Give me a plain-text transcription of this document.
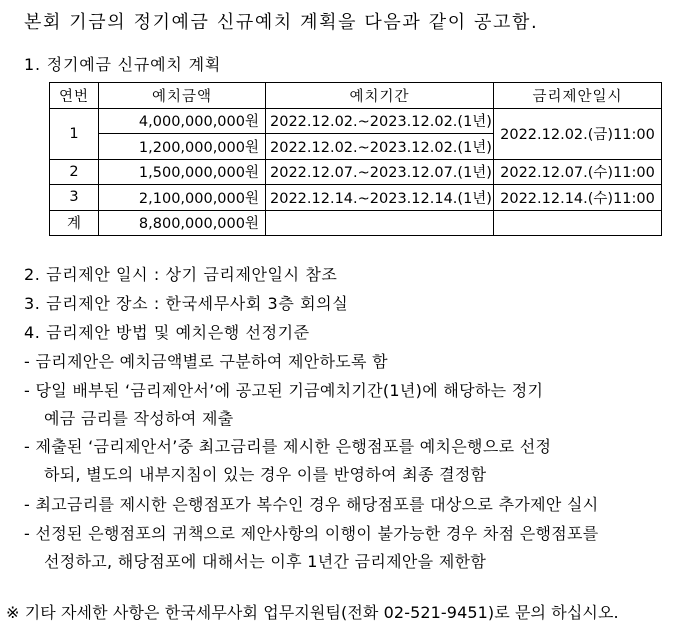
본회 기금의 정기예금 신규예치 계획을 다음과 같이 공고함.
1. 정기예금 신규예치 계획
연번	예치금액	예치기간	금리제안일시
1	4,000,000,000원	2022.12.02.~2023.12.02.(1년)	2022.12.02.(금)11:00
	1,200,000,000원	2022.12.02.~2023.12.02.(1년)	
2	1,500,000,000원	2022.12.07.~2023.12.07.(1년)	2022.12.07.(수)11:00
3	2,100,000,000원	2022.12.14.~2023.12.14.(1년)	2022.12.14.(수)11:00
계	8,800,000,000원		
2. 금리제안 일시 : 상기 금리제안일시 참조
3. 금리제안 장소 : 한국세무사회 3층 회의실
4. 금리제안 방법 및 예치은행 선정기준
- 금리제안은 예치금액별로 구분하여 제안하도록 함
- 당일 배부된 ‘금리제안서’에 공고된 기금예치기간(1년)에 해당하는 정기
예금 금리를 작성하여 제출
- 제출된 ‘금리제안서’중 최고금리를 제시한 은행점포를 예치은행으로 선정
하되, 별도의 내부지침이 있는 경우 이를 반영하여 최종 결정함
- 최고금리를 제시한 은행점포가 복수인 경우 해당점포를 대상으로 추가제안 실시
- 선정된 은행점포의 귀책으로 제안사항의 이행이 불가능한 경우 차점 은행점포를
선정하고, 해당점포에 대해서는 이후 1년간 금리제안을 제한함
※ 기타 자세한 사항은 한국세무사회 업무지원팀(전화 02-521-9451)로 문의 하십시오.
